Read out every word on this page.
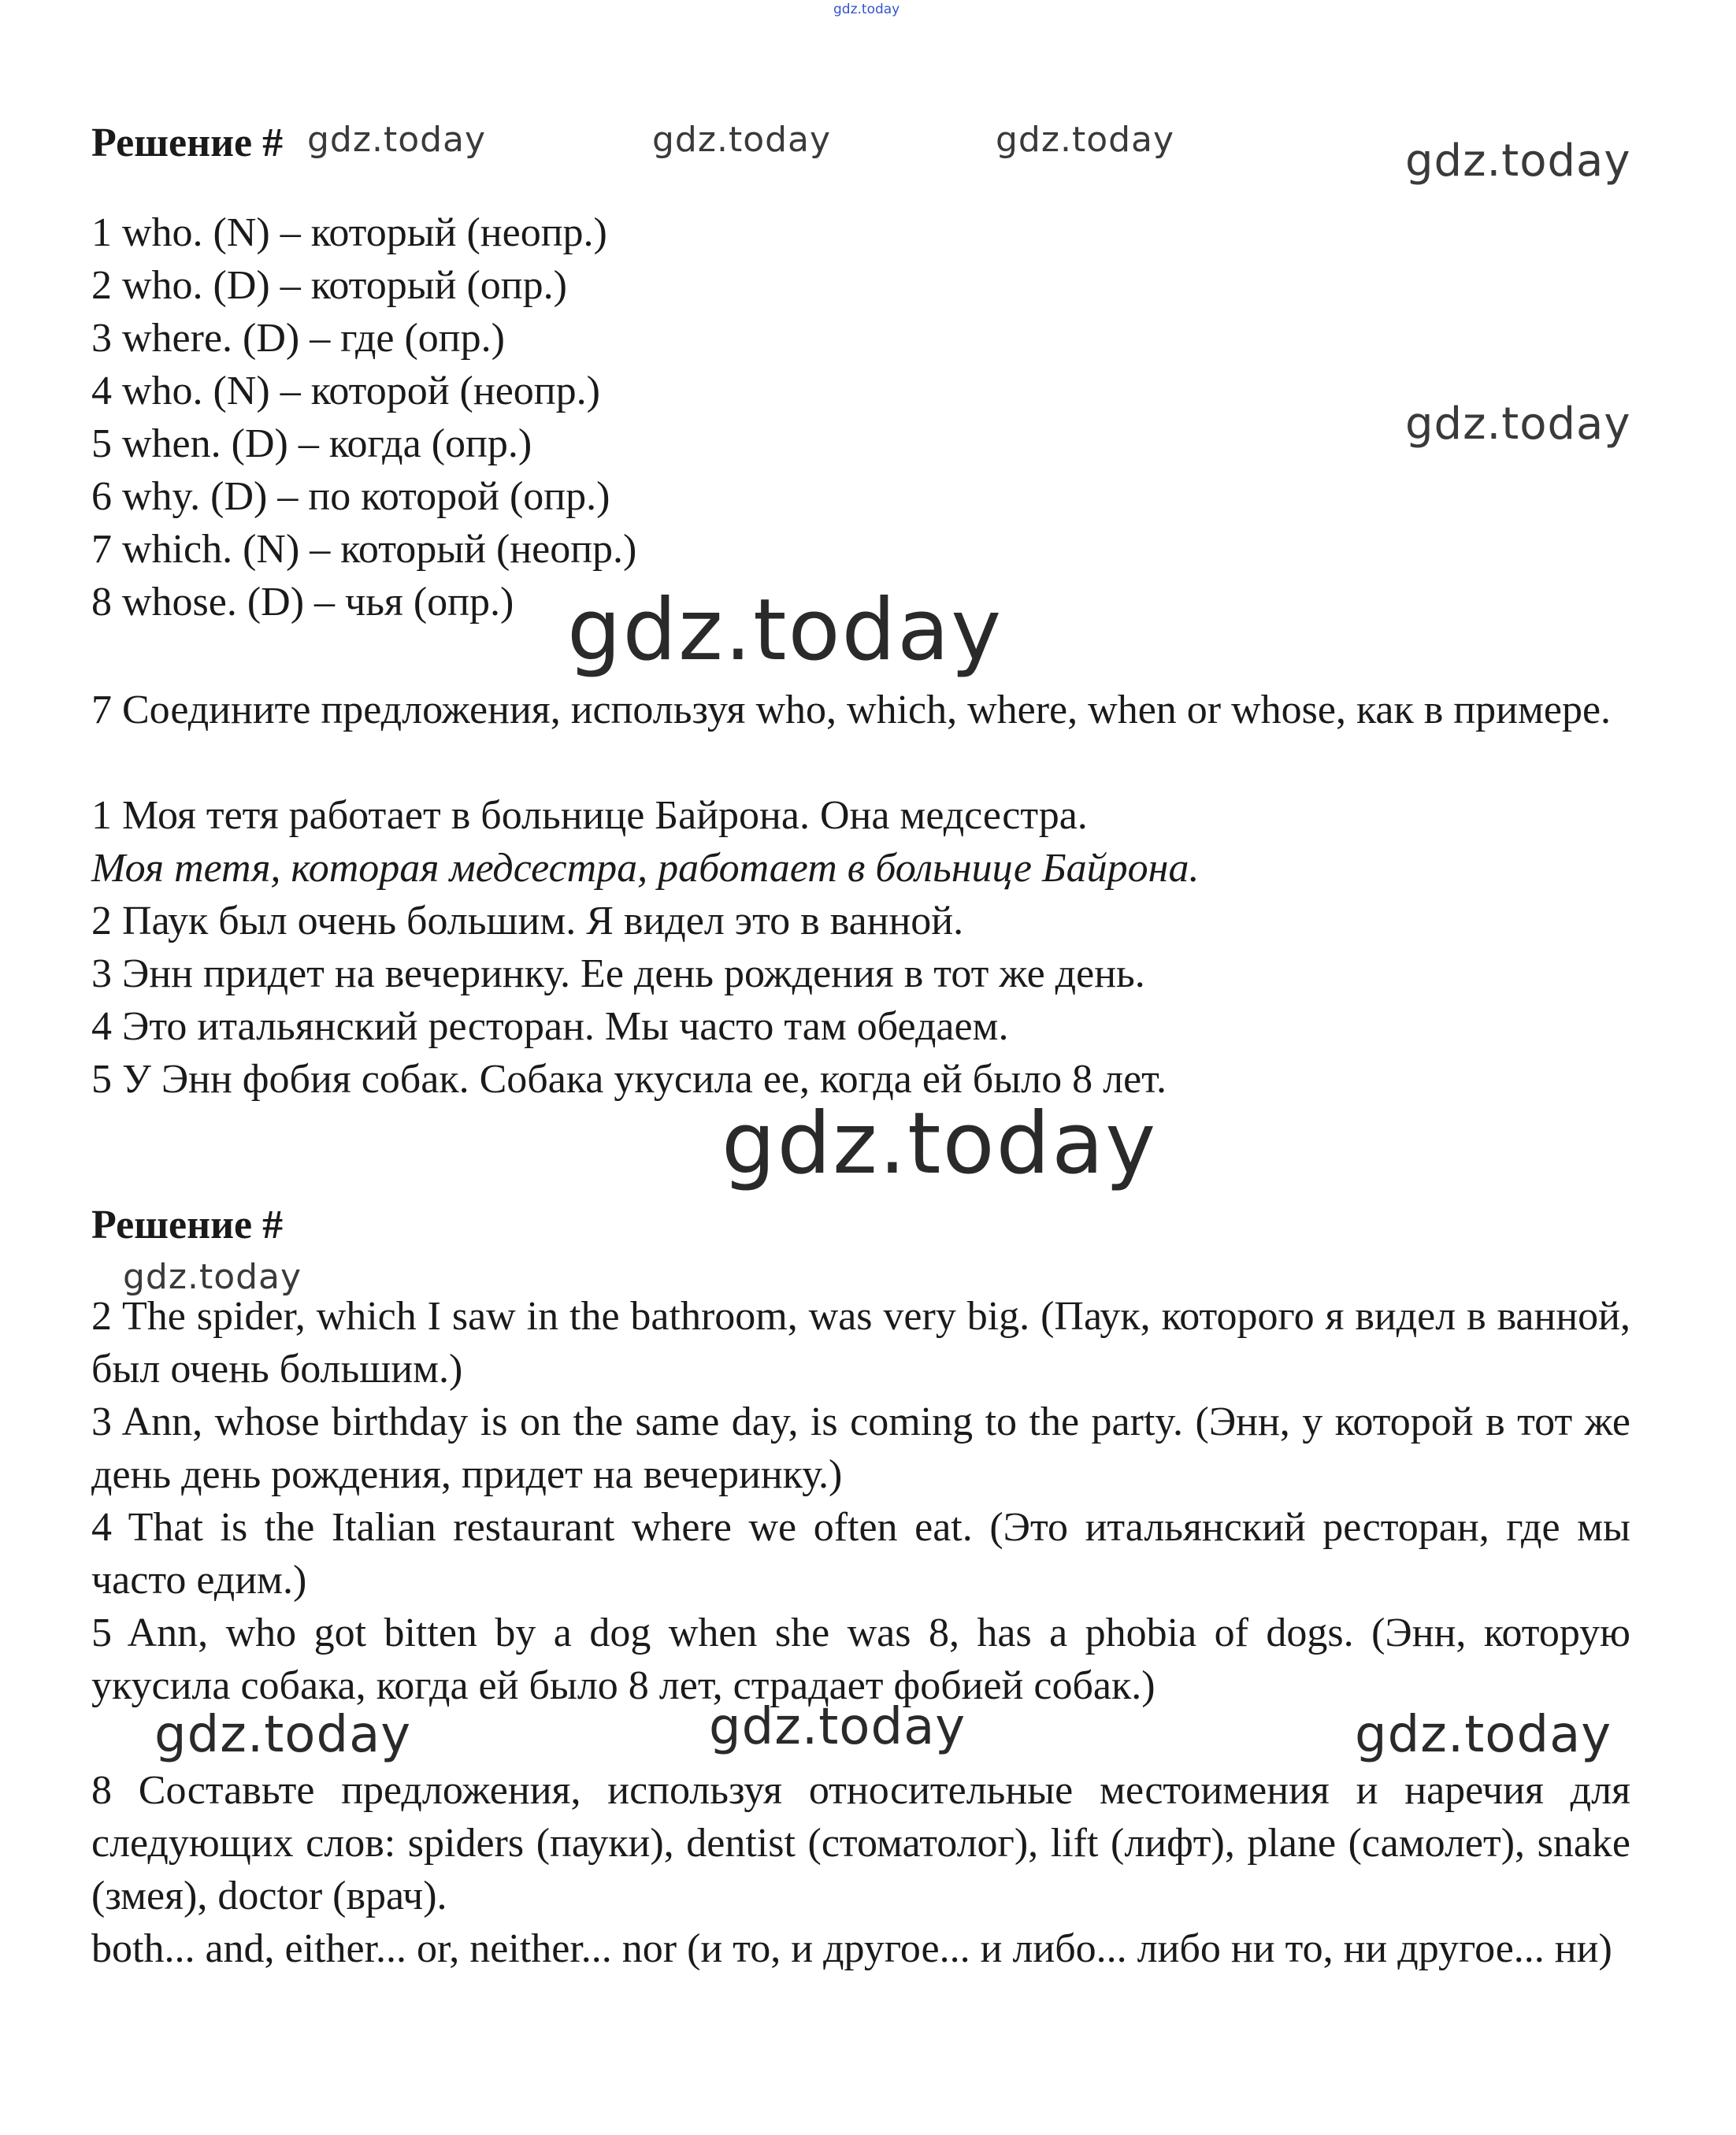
gdz.today
gdz.today	gdz.today	gdz.today	gdz.today
gdz.today
gdz.today
gdz.today
gdz.today
gdz.today	gdz.today	gdz.today
Решение #
1 who. (N) – который (неопр.)
2 who. (D) – который (опр.)
3 where. (D) – где (опр.)
4 who. (N) – которой (неопр.)
5 when. (D) – когда (опр.)
6 why. (D) – по которой (опр.)
7 which. (N) – который (неопр.)
8 whose. (D) – чья (опр.)
7 Соедините предложения, используя who, which, where, when or whose, как в примере.
1 Моя тетя работает в больнице Байрона. Она медсестра.
Моя тетя, которая медсестра, работает в больнице Байрона.
2 Паук был очень большим. Я видел это в ванной.
3 Энн придет на вечеринку. Ее день рождения в тот же день.
4 Это итальянский ресторан. Мы часто там обедаем.
5 У Энн фобия собак. Собака укусила ее, когда ей было 8 лет.
Решение #
2 The spider, which I saw in the bathroom, was very big. (Паук, которого я видел в ванной, был очень большим.)
3 Ann, whose birthday is on the same day, is coming to the party. (Энн, у которой в тот же день день рождения, придет на вечеринку.)
4 That is the Italian restaurant where we often eat. (Это итальянский ресторан, где мы часто едим.)
5 Ann, who got bitten by a dog when she was 8, has a phobia of dogs. (Энн, которую укусила собака, когда ей было 8 лет, страдает фобией собак.)
8 Составьте предложения, используя относительные местоимения и наречия для следующих слов: spiders (пауки), dentist (стоматолог), lift (лифт), plane (самолет), snake (змея), doctor (врач).
both... and, either... or, neither... nor (и то, и другое... и либо... либо ни то, ни другое... ни)
